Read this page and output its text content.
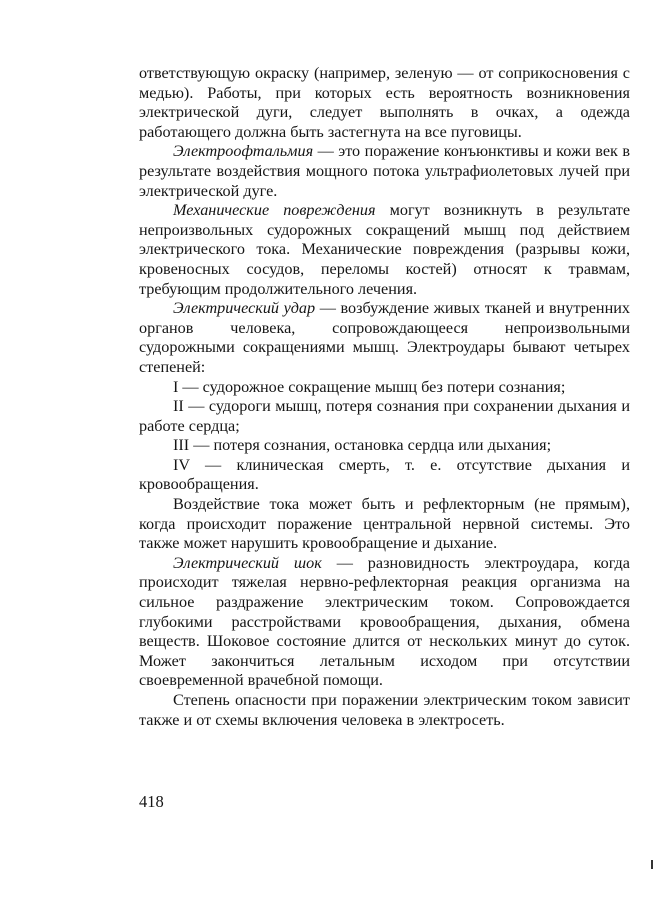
ответствующую окраску (например, зеленую — от соприкосновения с медью). Работы, при которых есть вероятность возникновения электрической дуги, следует выполнять в очках, а одежда работающего должна быть застегнута на все пуговицы.

Электроофтальмия — это поражение конъюнктивы и кожи век в результате воздействия мощного потока ультрафиолетовых лучей при электрической дуге.

Механические повреждения могут возникнуть в результате непроизвольных судорожных сокращений мышц под действием электрического тока. Механические повреждения (разрывы кожи, кровеносных сосудов, переломы костей) относят к травмам, требующим продолжительного лечения.

Электрический удар — возбуждение живых тканей и внутренних органов человека, сопровождающееся непроизвольными судорожными сокращениями мышц. Электроудары бывают четырех степеней:

I — судорожное сокращение мышц без потери сознания;

II — судороги мышц, потеря сознания при сохранении дыхания и работе сердца;

III — потеря сознания, остановка сердца или дыхания;

IV — клиническая смерть, т. е. отсутствие дыхания и кровообращения.

Воздействие тока может быть и рефлекторным (не прямым), когда происходит поражение центральной нервной системы. Это также может нарушить кровообращение и дыхание.

Электрический шок — разновидность электроудара, когда происходит тяжелая нервно-рефлекторная реакция организма на сильное раздражение электрическим током. Сопровождается глубокими расстройствами кровообращения, дыхания, обмена веществ. Шоковое состояние длится от нескольких минут до суток. Может закончиться летальным исходом при отсутствии своевременной врачебной помощи.

Степень опасности при поражении электрическим током зависит также и от схемы включения человека в электросеть.

418
